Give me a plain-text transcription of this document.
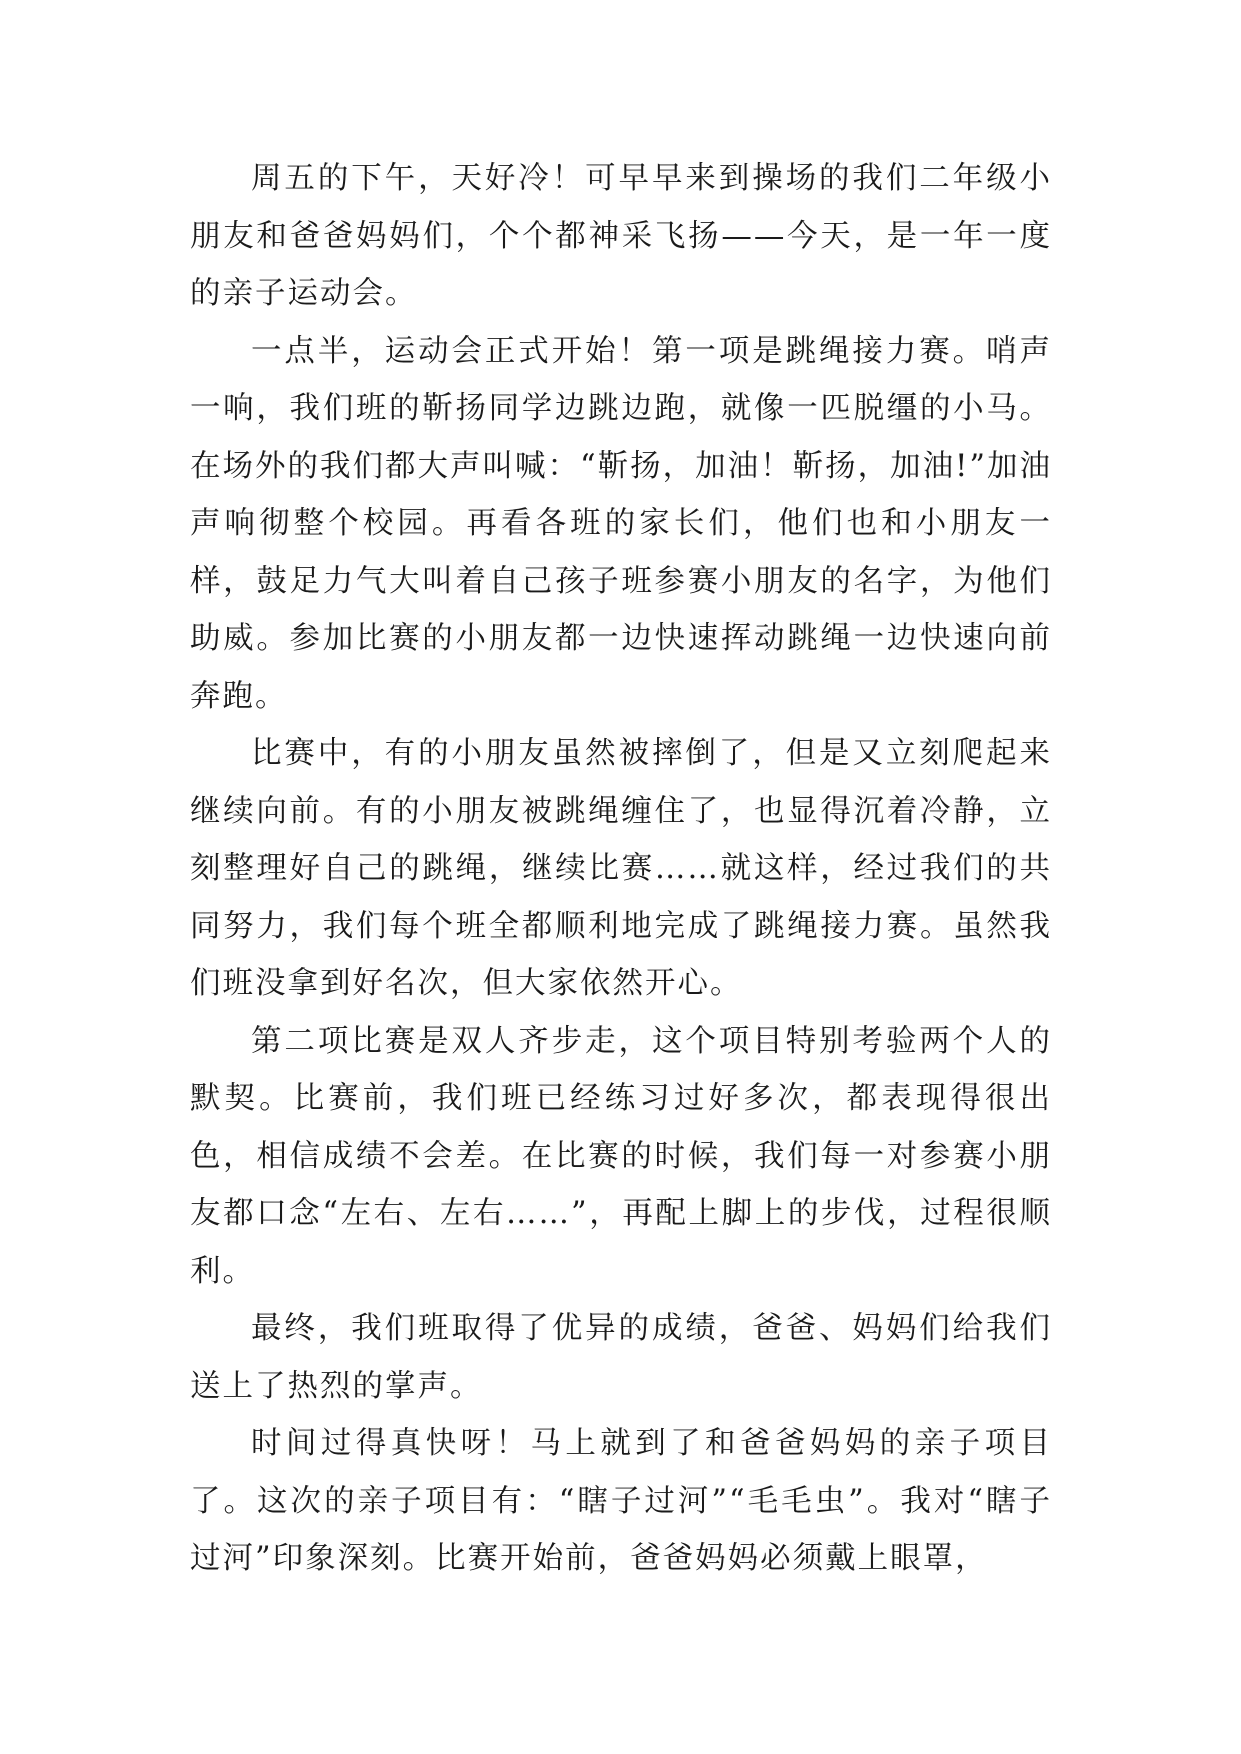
周五的下午，天好冷！可早早来到操场的我们二年级小朋友和爸爸妈妈们，个个都神采飞扬——今天，是一年一度的亲子运动会。

一点半，运动会正式开始！第一项是跳绳接力赛。哨声一响，我们班的靳扬同学边跳边跑，就像一匹脱缰的小马。在场外的我们都大声叫喊：“靳扬，加油！靳扬，加油!”加油声响彻整个校园。再看各班的家长们，他们也和小朋友一样，鼓足力气大叫着自己孩子班参赛小朋友的名字，为他们助威。参加比赛的小朋友都一边快速挥动跳绳一边快速向前奔跑。

比赛中，有的小朋友虽然被摔倒了，但是又立刻爬起来继续向前。有的小朋友被跳绳缠住了，也显得沉着冷静，立刻整理好自己的跳绳，继续比赛……就这样，经过我们的共同努力，我们每个班全都顺利地完成了跳绳接力赛。虽然我们班没拿到好名次，但大家依然开心。

第二项比赛是双人齐步走，这个项目特别考验两个人的默契。比赛前，我们班已经练习过好多次，都表现得很出色，相信成绩不会差。在比赛的时候，我们每一对参赛小朋友都口念“左右、左右……”，再配上脚上的步伐，过程很顺利。

最终，我们班取得了优异的成绩，爸爸、妈妈们给我们送上了热烈的掌声。

时间过得真快呀！马上就到了和爸爸妈妈的亲子项目了。这次的亲子项目有：“瞎子过河”“毛毛虫”。我对“瞎子过河”印象深刻。比赛开始前，爸爸妈妈必须戴上眼罩，
